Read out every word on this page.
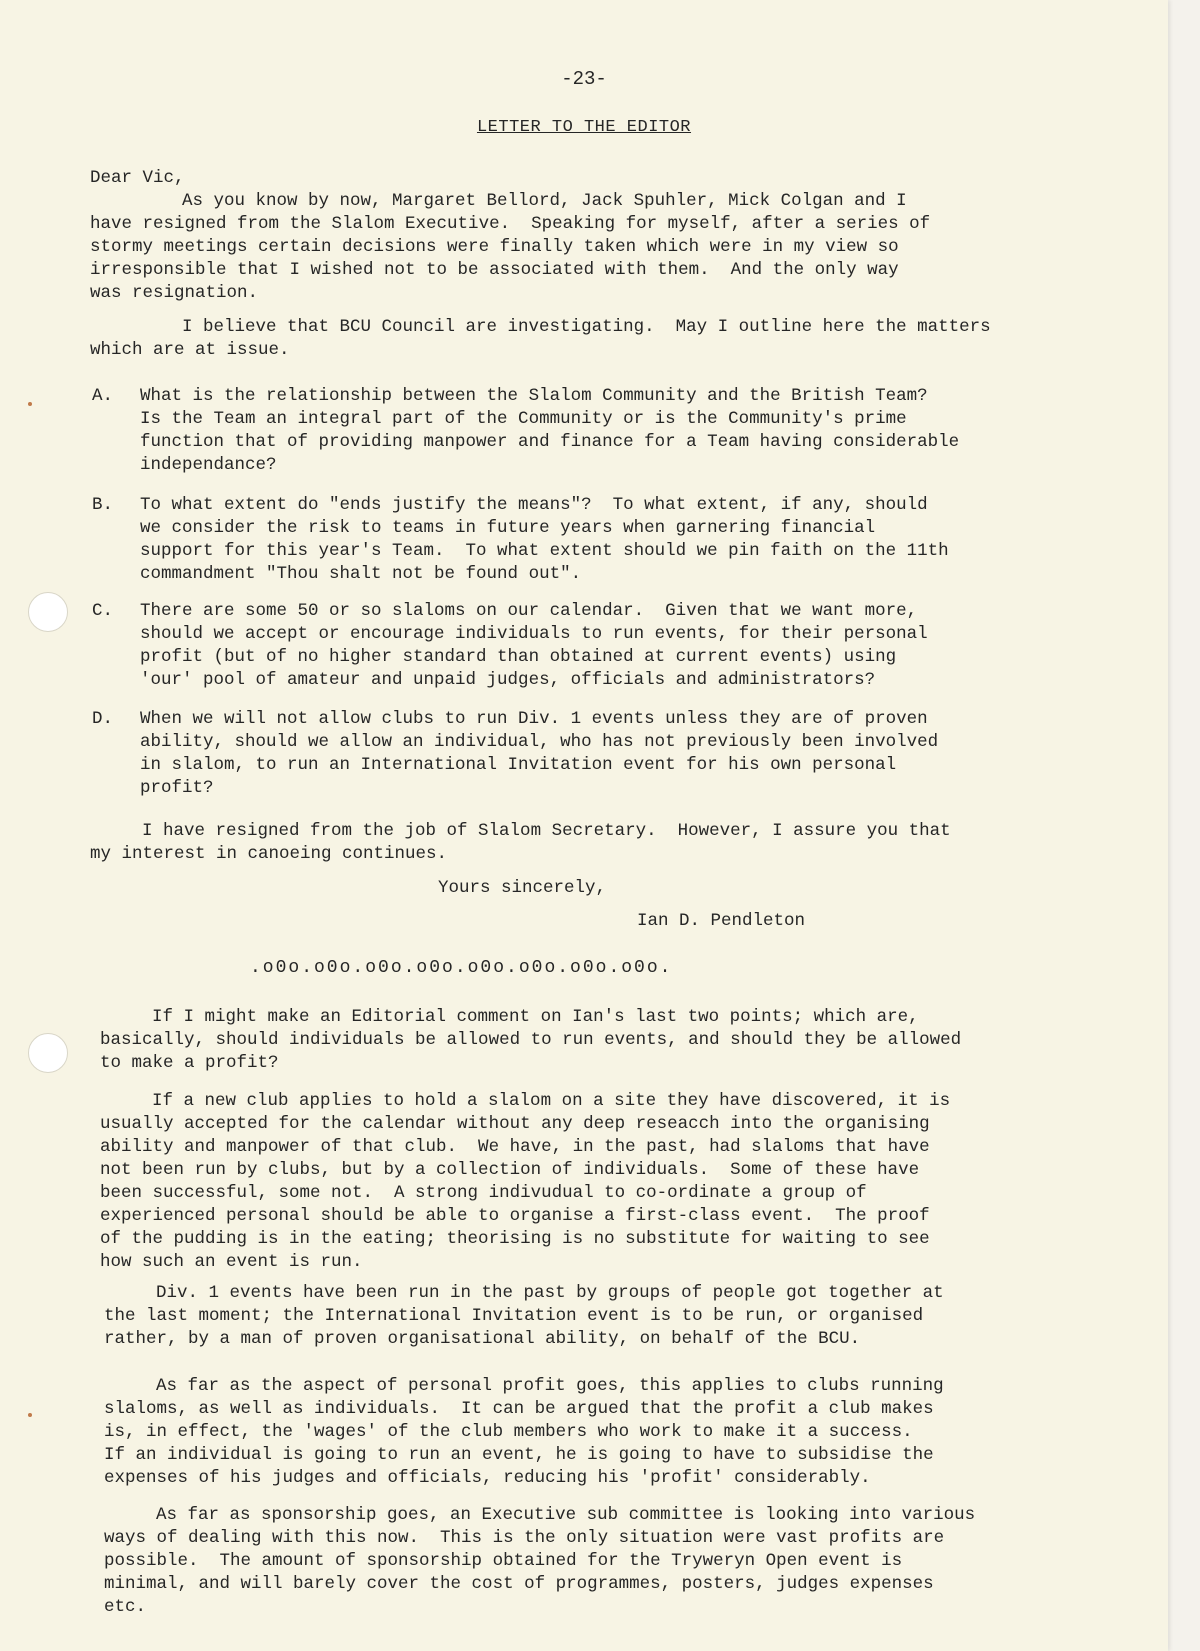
-23-
LETTER TO THE EDITOR
Dear Vic,
As you know by now, Margaret Bellord, Jack Spuhler, Mick Colgan and I
have resigned from the Slalom Executive.  Speaking for myself, after a series of
stormy meetings certain decisions were finally taken which were in my view so
irresponsible that I wished not to be associated with them.  And the only way
was resignation.
I believe that BCU Council are investigating.  May I outline here the matters
which are at issue.
A. What is the relationship between the Slalom Community and the British Team?
Is the Team an integral part of the Community or is the Community's prime
function that of providing manpower and finance for a Team having considerable
independance?
B. To what extent do "ends justify the means"?  To what extent, if any, should
we consider the risk to teams in future years when garnering financial
support for this year's Team.  To what extent should we pin faith on the 11th
commandment "Thou shalt not be found out".
C. There are some 50 or so slaloms on our calendar.  Given that we want more,
should we accept or encourage individuals to run events, for their personal
profit (but of no higher standard than obtained at current events) using
'our' pool of amateur and unpaid judges, officials and administrators?
D. When we will not allow clubs to run Div. 1 events unless they are of proven
ability, should we allow an individual, who has not previously been involved
in slalom, to run an International Invitation event for his own personal
profit?
I have resigned from the job of Slalom Secretary.  However, I assure you that
my interest in canoeing continues.
Yours sincerely,
Ian D. Pendleton
.o0o.o0o.o0o.o0o.o0o.o0o.o0o.o0o.
If I might make an Editorial comment on Ian's last two points; which are,
basically, should individuals be allowed to run events, and should they be allowed
to make a profit?
If a new club applies to hold a slalom on a site they have discovered, it is
usually accepted for the calendar without any deep reseacch into the organising
ability and manpower of that club.  We have, in the past, had slaloms that have
not been run by clubs, but by a collection of individuals.  Some of these have
been successful, some not.  A strong indivudual to co-ordinate a group of
experienced personal should be able to organise a first-class event.  The proof
of the pudding is in the eating; theorising is no substitute for waiting to see
how such an event is run.
Div. 1 events have been run in the past by groups of people got together at
the last moment; the International Invitation event is to be run, or organised
rather, by a man of proven organisational ability, on behalf of the BCU.
As far as the aspect of personal profit goes, this applies to clubs running
slaloms, as well as individuals.  It can be argued that the profit a club makes
is, in effect, the 'wages' of the club members who work to make it a success.
If an individual is going to run an event, he is going to have to subsidise the
expenses of his judges and officials, reducing his 'profit' considerably.
As far as sponsorship goes, an Executive sub committee is looking into various
ways of dealing with this now.  This is the only situation were vast profits are
possible.  The amount of sponsorship obtained for the Tryweryn Open event is
minimal, and will barely cover the cost of programmes, posters, judges expenses
etc.
